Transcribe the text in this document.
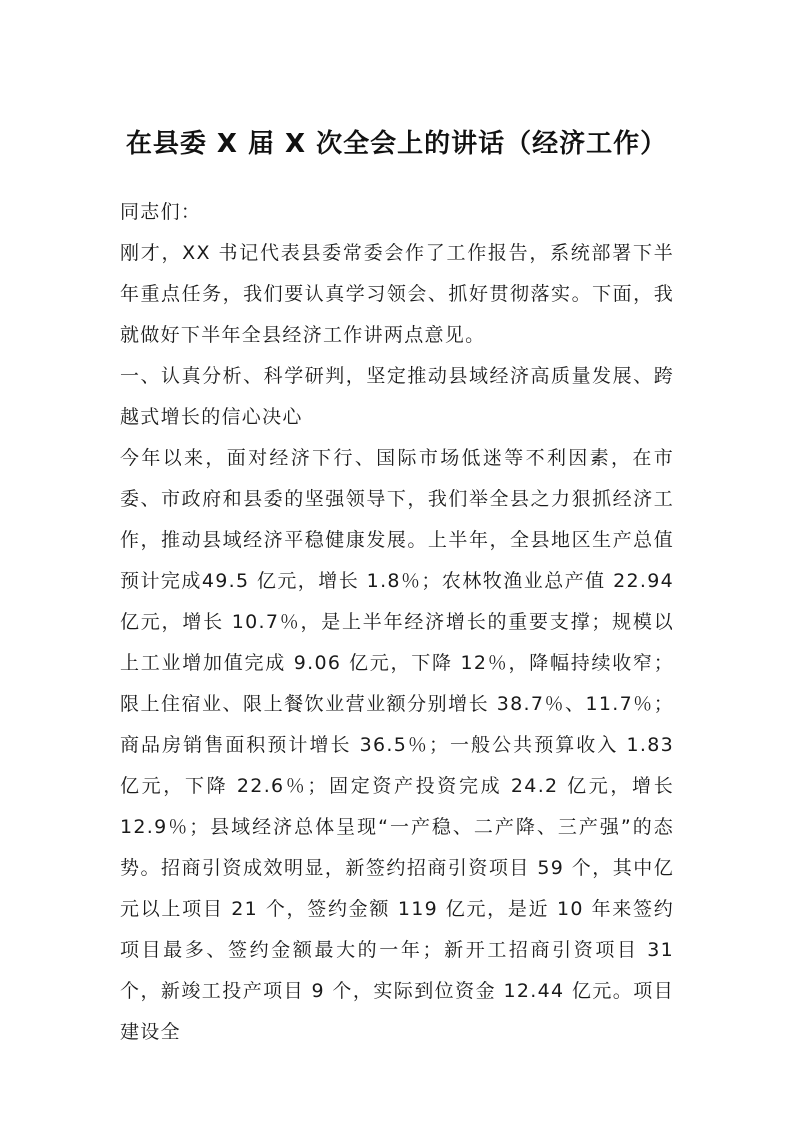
在县委 X 届 X 次全会上的讲话（经济工作）

同志们：

刚才，XX 书记代表县委常委会作了工作报告，系统部署下半年重点任务，我们要认真学习领会、抓好贯彻落实。下面，我就做好下半年全县经济工作讲两点意见。

一、认真分析、科学研判，坚定推动县域经济高质量发展、跨越式增长的信心决心

今年以来，面对经济下行、国际市场低迷等不利因素，在市委、市政府和县委的坚强领导下，我们举全县之力狠抓经济工作，推动县域经济平稳健康发展。上半年，全县地区生产总值预计完成49.5 亿元，增长 1.8％；农林牧渔业总产值 22.94 亿元，增长 10.7％，是上半年经济增长的重要支撑；规模以上工业增加值完成 9.06 亿元，下降 12％，降幅持续收窄；限上住宿业、限上餐饮业营业额分别增长 38.7％、11.7％；商品房销售面积预计增长 36.5％；一般公共预算收入 1.83 亿元，下降 22.6％；固定资产投资完成 24.2 亿元，增长 12.9％；县域经济总体呈现“一产稳、二产降、三产强”的态势。招商引资成效明显，新签约招商引资项目 59 个，其中亿元以上项目 21 个，签约金额 119 亿元，是近 10 年来签约项目最多、签约金额最大的一年；新开工招商引资项目 31 个，新竣工投产项目 9 个，实际到位资金 12.44 亿元。项目建设全
